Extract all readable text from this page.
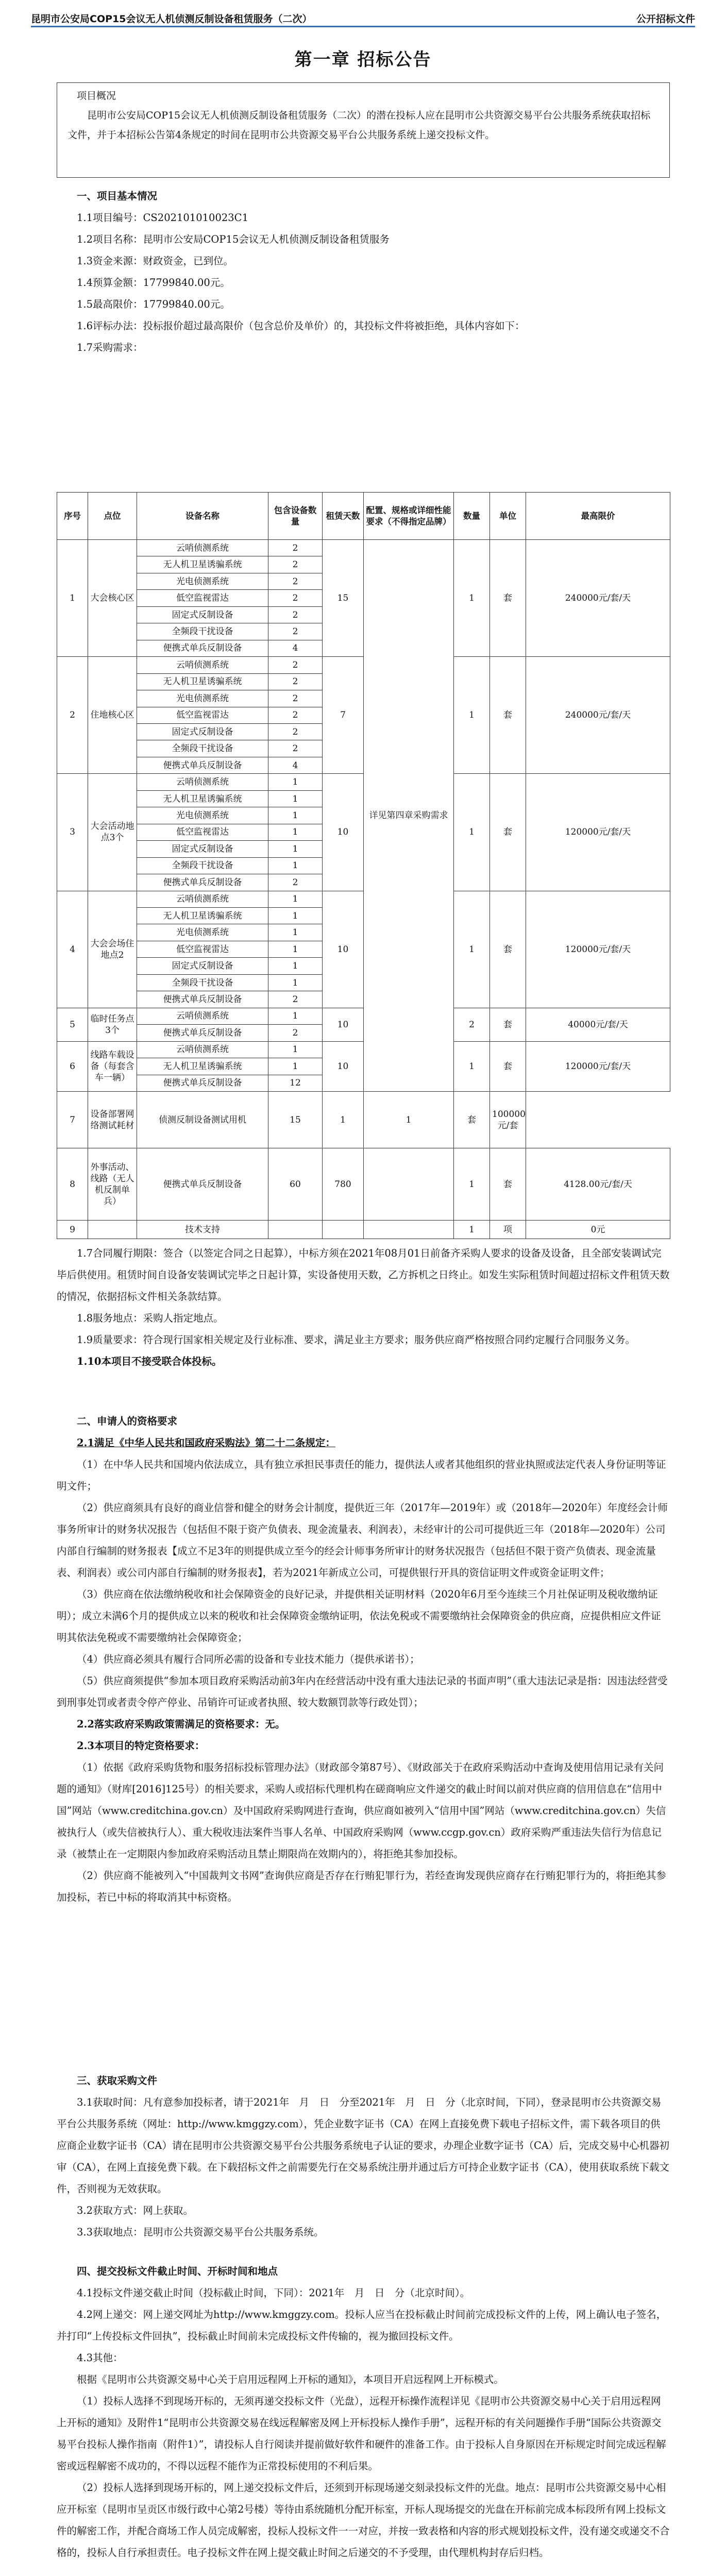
昆明市公安局COP15会议无人机侦测反制设备租赁服务（二次）	公开招标文件
第一章 招标公告

项目概况

昆明市公安局COP15会议无人机侦测反制设备租赁服务（二次）的潜在投标人应在昆明市公共资源交易平台公共服务系统获取招标文件，并于本招标公告第4条规定的时间在昆明市公共资源交易平台公共服务系统上递交投标文件。

一、项目基本情况

1.1项目编号：CS202101010023C1

1.2项目名称：昆明市公安局COP15会议无人机侦测反制设备租赁服务

1.3资金来源：财政资金，已到位。

1.4预算金额：17799840.00元。

1.5最高限价：17799840.00元。

1.6评标办法：投标报价超过最高限价（包含总价及单价）的，其投标文件将被拒绝，具体内容如下：

1.7采购需求：

序号	点位	设备名称	包含设备数量	租赁天数	配置、规格或详细性能要求（不得指定品牌）	数量	单位	最高限价
1	大会核心区	云哨侦测系统	2	15	详见第四章采购需求	1	套	240000元/套/天
		无人机卫星诱骗系统	2					
		光电侦测系统	2					
		低空监视雷达	2					
		固定式反制设备	2					
		全频段干扰设备	2					
		便携式单兵反制设备	4					
2	住地核心区	云哨侦测系统	2	7		1	套	240000元/套/天
		无人机卫星诱骗系统	2					
		光电侦测系统	2					
		低空监视雷达	2					
		固定式反制设备	2					
		全频段干扰设备	2					
		便携式单兵反制设备	4					
3	大会活动地点3个	云哨侦测系统	1	10		1	套	120000元/套/天
		无人机卫星诱骗系统	1					
		光电侦测系统	1					
		低空监视雷达	1					
		固定式反制设备	1					
		全频段干扰设备	1					
		便携式单兵反制设备	2					
4	大会会场住地点2	云哨侦测系统	1	10		1	套	120000元/套/天
		无人机卫星诱骗系统	1					
		光电侦测系统	1					
		低空监视雷达	1					
		固定式反制设备	1					
		全频段干扰设备	1					
		便携式单兵反制设备	2					
5	临时任务点3个	云哨侦测系统	1	10		2	套	40000元/套/天
		便携式单兵反制设备	2					
6	线路车载设备（每套含车一辆）	云哨侦测系统	1	10		1	套	120000元/套/天
		无人机卫星诱骗系统	1					
		便携式单兵反制设备	12					
7	设备部署网络测试耗材	侦测反制设备测试用机	15	1	1	套	100000元/套	
8	外事活动、线路（无人机反制单兵）	便携式单兵反制设备	60	780		1	套	4128.00元/套/天
9		技术支持				1	项	0元

1.7合同履行期限：签合（以签定合同之日起算），中标方须在2021年08月01日前备齐采购人要求的设备及设备，且全部安装调试完毕后供使用。租赁时间自设备安装调试完毕之日起计算，实设备使用天数，乙方拆机之日终止。如发生实际租赁时间超过招标文件租赁天数的情况，依据招标文件相关条款结算。

1.8服务地点：采购人指定地点。

1.9质量要求：符合现行国家相关规定及行业标准、要求，满足业主方要求；服务供应商严格按照合同约定履行合同服务义务。

1.10本项目不接受联合体投标。

二、申请人的资格要求

2.1满足《中华人民共和国政府采购法》第二十二条规定：

（1）在中华人民共和国境内依法成立，具有独立承担民事责任的能力，提供法人或者其他组织的营业执照或法定代表人身份证明等证明文件；

（2）供应商须具有良好的商业信誉和健全的财务会计制度，提供近三年（2017年—2019年）或（2018年—2020年）年度经会计师事务所审计的财务状况报告（包括但不限于资产负债表、现金流量表、利润表），未经审计的公司可提供近三年（2018年—2020年）公司内部自行编制的财务报表【成立不足3年的则提供成立至今的经会计师事务所审计的财务状况报告（包括但不限于资产负债表、现金流量表、利润表）或公司内部自行编制的财务报表】，若为2021年新成立公司，可提供银行开具的资信证明文件或资金证明文件；

（3）供应商在依法缴纳税收和社会保障资金的良好记录，并提供相关证明材料（2020年6月至今连续三个月社保证明及税收缴纳证明）；成立未满6个月的提供成立以来的税收和社会保障资金缴纳证明，依法免税或不需要缴纳社会保障资金的供应商，应提供相应文件证明其依法免税或不需要缴纳社会保障资金；

（4）供应商必须具有履行合同所必需的设备和专业技术能力（提供承诺书）；

（5）供应商须提供“参加本项目政府采购活动前3年内在经营活动中没有重大违法记录的书面声明”（重大违法记录是指：因违法经营受到刑事处罚或者责令停产停业、吊销许可证或者执照、较大数额罚款等行政处罚）；

2.2落实政府采购政策需满足的资格要求：无。

2.3本项目的特定资格要求：

（1）依据《政府采购货物和服务招标投标管理办法》（财政部令第87号）、《财政部关于在政府采购活动中查询及使用信用记录有关问题的通知》（财库[2016]125号）的相关要求，采购人或招标代理机构在磋商响应文件递交的截止时间以前对供应商的信用信息在“信用中国”网站（www.creditchina.gov.cn）及中国政府采购网进行查询，供应商如被列入“信用中国”网站（www.creditchina.gov.cn）失信被执行人（或失信被执行人）、重大税收违法案件当事人名单、中国政府采购网（www.ccgp.gov.cn）政府采购严重违法失信行为信息记录（被禁止在一定期限内参加政府采购活动且禁止期限尚在效期内的），将拒绝其参加投标。

（2）供应商不能被列入“中国裁判文书网”查询供应商是否存在行贿犯罪行为，若经查询发现供应商存在行贿犯罪行为的，将拒绝其参加投标，若已中标的将取消其中标资格。

三、获取采购文件

3.1获取时间：凡有意参加投标者，请于2021年　月　日　分至2021年　月　日　分（北京时间，下同），登录昆明市公共资源交易平台公共服务系统（网址：http://www.kmggzy.com），凭企业数字证书（CA）在网上直接免费下载电子招标文件，需下载各项目的供应商企业数字证书（CA）请在昆明市公共资源交易平台公共服务系统电子认证的要求，办理企业数字证书（CA）后，完成交易中心机器初审（CA），在网上直接免费下载。在下载招标文件之前需要先行在交易系统注册并通过后方可持企业数字证书（CA），使用获取系统下载文件，否则视为无效获取。

3.2获取方式：网上获取。

3.3获取地点：昆明市公共资源交易平台公共服务系统。

四、提交投标文件截止时间、开标时间和地点

4.1投标文件递交截止时间（投标截止时间，下同）：2021年　月　日　分（北京时间）。

4.2网上递交：网上递交网址为http://www.kmggzy.com。投标人应当在投标截止时间前完成投标文件的上传，网上确认电子签名，并打印“上传投标文件回执”，投标截止时间前未完成投标文件传输的，视为撤回投标文件。

4.3其他：

根据《昆明市公共资源交易中心关于启用远程网上开标的通知》，本项目开启远程网上开标模式。

（1）投标人选择不到现场开标的，无须再递交投标文件（光盘），远程开标操作流程详见《昆明市公共资源交易中心关于启用远程网上开标的通知》及附件1“昆明市公共资源交易在线远程解密及网上开标投标人操作手册”，远程开标的有关问题操作手册“国际公共资源交易平台投标人操作指南（附件1）”，请投标人自行阅读并提前做好软件和硬件的准备工作。由于投标人自身原因在开标规定时间完成远程解密或远程解密不成功的，不得以远程不能作为正常投标使用的不利后果。

（2）投标人选择到现场开标的，网上递交投标文件后，还须到开标现场递交刻录投标文件的光盘。地点：昆明市公共资源交易中心相应开标室（昆明市呈贡区市级行政中心第2号楼）等待由系统随机分配开标室，开标人现场提交的光盘在开标前完成本标段所有网上投标文件的解密工作，并配合商场工作人员完成解密，投标人投标文件一一对应，并按一致表格和内容的形式规划投标文件，没有递交或递交不合格的，投标人自行承担责任。电子投标文件在网上提交截止时间之后递交的不予受理，由代理机构封存后归档。
